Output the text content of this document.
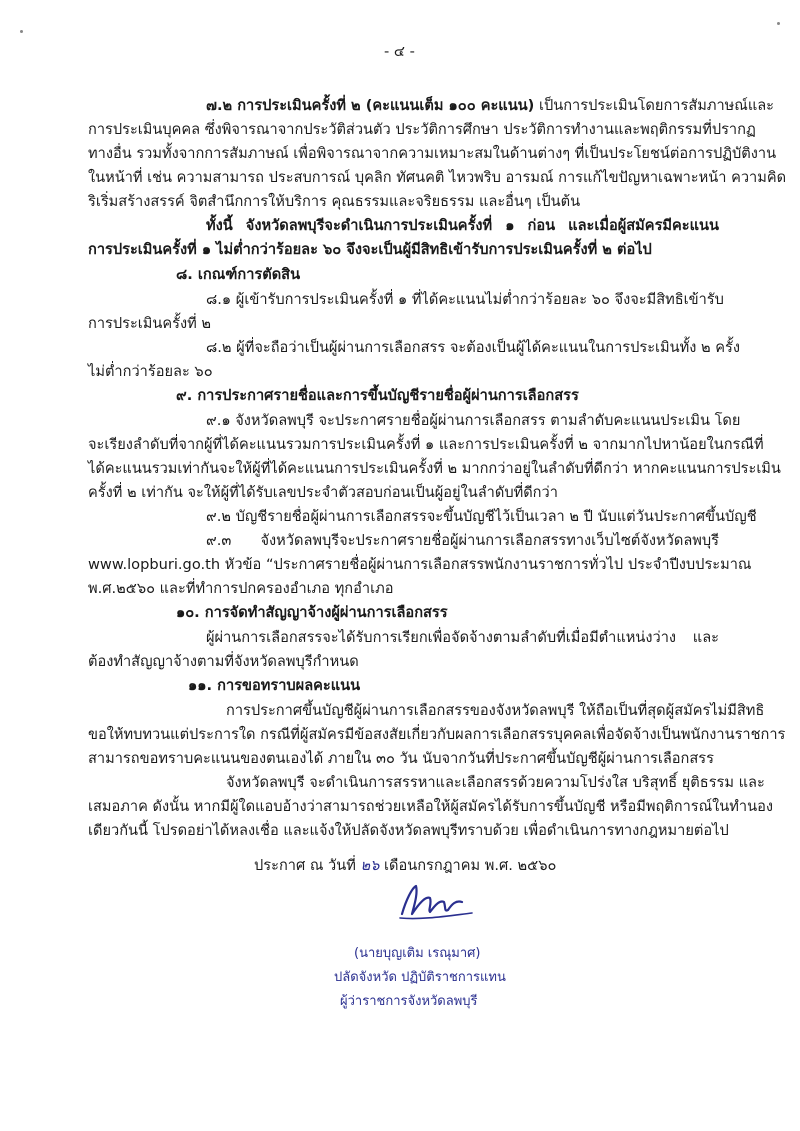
- ๔ -
๗.๒ การประเมินครั้งที่ ๒ (คะแนนเต็ม ๑๐๐ คะแนน) เป็นการประเมินโดยการสัมภาษณ์และ
การประเมินบุคคล ซึ่งพิจารณาจากประวัติส่วนตัว ประวัติการศึกษา ประวัติการทำงานและพฤติกรรมที่ปรากฏ
ทางอื่น รวมทั้งจากการสัมภาษณ์ เพื่อพิจารณาจากความเหมาะสมในด้านต่างๆ ที่เป็นประโยชน์ต่อการปฏิบัติงาน
ในหน้าที่ เช่น ความสามารถ ประสบการณ์ บุคลิก ทัศนคติ ไหวพริบ อารมณ์ การแก้ไขปัญหาเฉพาะหน้า ความคิด
ริเริ่มสร้างสรรค์ จิตสำนึกการให้บริการ คุณธรรมและจริยธรรม และอื่นๆ เป็นต้น
ทั้งนี้ จังหวัดลพบุรีจะดำเนินการประเมินครั้งที่ ๑ ก่อน และเมื่อผู้สมัครมีคะแนน
การประเมินครั้งที่ ๑ ไม่ต่ำกว่าร้อยละ ๖๐ จึงจะเป็นผู้มีสิทธิเข้ารับการประเมินครั้งที่ ๒ ต่อไป
๘. เกณฑ์การตัดสิน
๘.๑ ผู้เข้ารับการประเมินครั้งที่ ๑ ที่ได้คะแนนไม่ต่ำกว่าร้อยละ ๖๐ จึงจะมีสิทธิเข้ารับ
การประเมินครั้งที่ ๒
๘.๒ ผู้ที่จะถือว่าเป็นผู้ผ่านการเลือกสรร จะต้องเป็นผู้ได้คะแนนในการประเมินทั้ง ๒ ครั้ง
ไม่ต่ำกว่าร้อยละ ๖๐
๙. การประกาศรายชื่อและการขึ้นบัญชีรายชื่อผู้ผ่านการเลือกสรร
๙.๑ จังหวัดลพบุรี จะประกาศรายชื่อผู้ผ่านการเลือกสรร ตามลำดับคะแนนประเมิน โดย
จะเรียงลำดับที่จากผู้ที่ได้คะแนนรวมการประเมินครั้งที่ ๑ และการประเมินครั้งที่ ๒ จากมากไปหาน้อยในกรณีที่
ได้คะแนนรวมเท่ากันจะให้ผู้ที่ได้คะแนนการประเมินครั้งที่ ๒ มากกว่าอยู่ในลำดับที่ดีกว่า หากคะแนนการประเมิน
ครั้งที่ ๒ เท่ากัน จะให้ผู้ที่ได้รับเลขประจำตัวสอบก่อนเป็นผู้อยู่ในลำดับที่ดีกว่า
๙.๒ บัญชีรายชื่อผู้ผ่านการเลือกสรรจะขึ้นบัญชีไว้เป็นเวลา ๒ ปี นับแต่วันประกาศขึ้นบัญชี
๙.๓ จังหวัดลพบุรีจะประกาศรายชื่อผู้ผ่านการเลือกสรรทางเว็บไซต์จังหวัดลพบุรี
www.lopburi.go.th หัวข้อ “ประกาศรายชื่อผู้ผ่านการเลือกสรรพนักงานราชการทั่วไป ประจำปีงบประมาณ
พ.ศ.๒๕๖๐ และที่ทำการปกครองอำเภอ ทุกอำเภอ
๑๐. การจัดทำสัญญาจ้างผู้ผ่านการเลือกสรร
ผู้ผ่านการเลือกสรรจะได้รับการเรียกเพื่อจัดจ้างตามลำดับที่เมื่อมีตำแหน่งว่าง และ
ต้องทำสัญญาจ้างตามที่จังหวัดลพบุรีกำหนด
๑๑. การขอทราบผลคะแนน
การประกาศขึ้นบัญชีผู้ผ่านการเลือกสรรของจังหวัดลพบุรี ให้ถือเป็นที่สุดผู้สมัครไม่มีสิทธิ
ขอให้ทบทวนแต่ประการใด กรณีที่ผู้สมัครมีข้อสงสัยเกี่ยวกับผลการเลือกสรรบุคคลเพื่อจัดจ้างเป็นพนักงานราชการ
สามารถขอทราบคะแนนของตนเองได้ ภายใน ๓๐ วัน นับจากวันที่ประกาศขึ้นบัญชีผู้ผ่านการเลือกสรร
จังหวัดลพบุรี จะดำเนินการสรรหาและเลือกสรรด้วยความโปร่งใส บริสุทธิ์ ยุติธรรม และ
เสมอภาค ดังนั้น หากมีผู้ใดแอบอ้างว่าสามารถช่วยเหลือให้ผู้สมัครได้รับการขึ้นบัญชี หรือมีพฤติการณ์ในทำนอง
เดียวกันนี้ โปรดอย่าได้หลงเชื่อ และแจ้งให้ปลัดจังหวัดลพบุรีทราบด้วย เพื่อดำเนินการทางกฎหมายต่อไป
ประกาศ ณ วันที่ ๒๖ เดือนกรกฎาคม พ.ศ. ๒๕๖๐
(นายบุญเติม เรณุมาศ)
ปลัดจังหวัด ปฏิบัติราชการแทน
ผู้ว่าราชการจังหวัดลพบุรี
